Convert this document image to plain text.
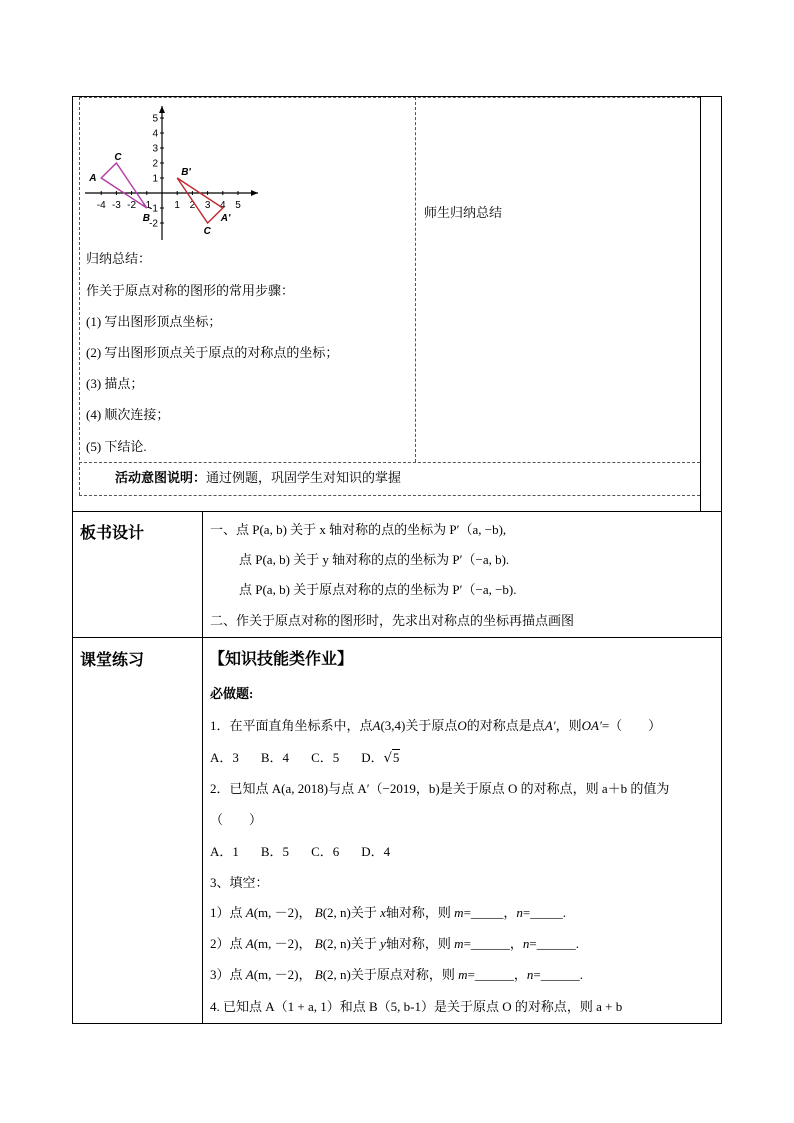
-4 -3 -2 -1 1 2 3 4 5
5
4
3
2
1
-1
-2
A
C
B
B'
A'
C
归纳总结：
作关于原点对称的图形的常用步骤：
(1) 写出图形顶点坐标；
(2) 写出图形顶点关于原点的对称点的坐标；
(3) 描点；
(4) 顺次连接；
(5) 下结论.
师生归纳总结
活动意图说明：通过例题，巩固学生对知识的掌握
板书设计	一、点 P(a, b) 关于 x 轴对称的点的坐标为 P′（a, −b),
点 P(a, b) 关于 y 轴对称的点的坐标为 P′（−a, b).
点 P(a, b) 关于原点对称的点的坐标为 P′（−a, −b).
二、作关于原点对称的图形时，先求出对称点的坐标再描点画图
课堂练习	【知识技能类作业】
必做题:
1．在平面直角坐标系中，点A(3,4)关于原点O的对称点是点A′，则OA′=（　　）
A．3 B．4 C．5 D．√5
2．已知点 A(a, 2018)与点 A′（−2019，b)是关于原点 O 的对称点，则 a＋b 的值为
（　　）
A．1 B．5 C．6 D．4
3、填空：
1）点 A(m, －2)， B(2, n)关于 x轴对称，则 m=_____，n=_____.
2）点 A(m, －2)， B(2, n)关于 y轴对称，则 m=______，n=______.
3）点 A(m, －2)， B(2, n)关于原点对称，则 m=______，n=______.
4. 已知点 A（1 + a, 1）和点 B（5, b-1）是关于原点 O 的对称点，则 a + b
